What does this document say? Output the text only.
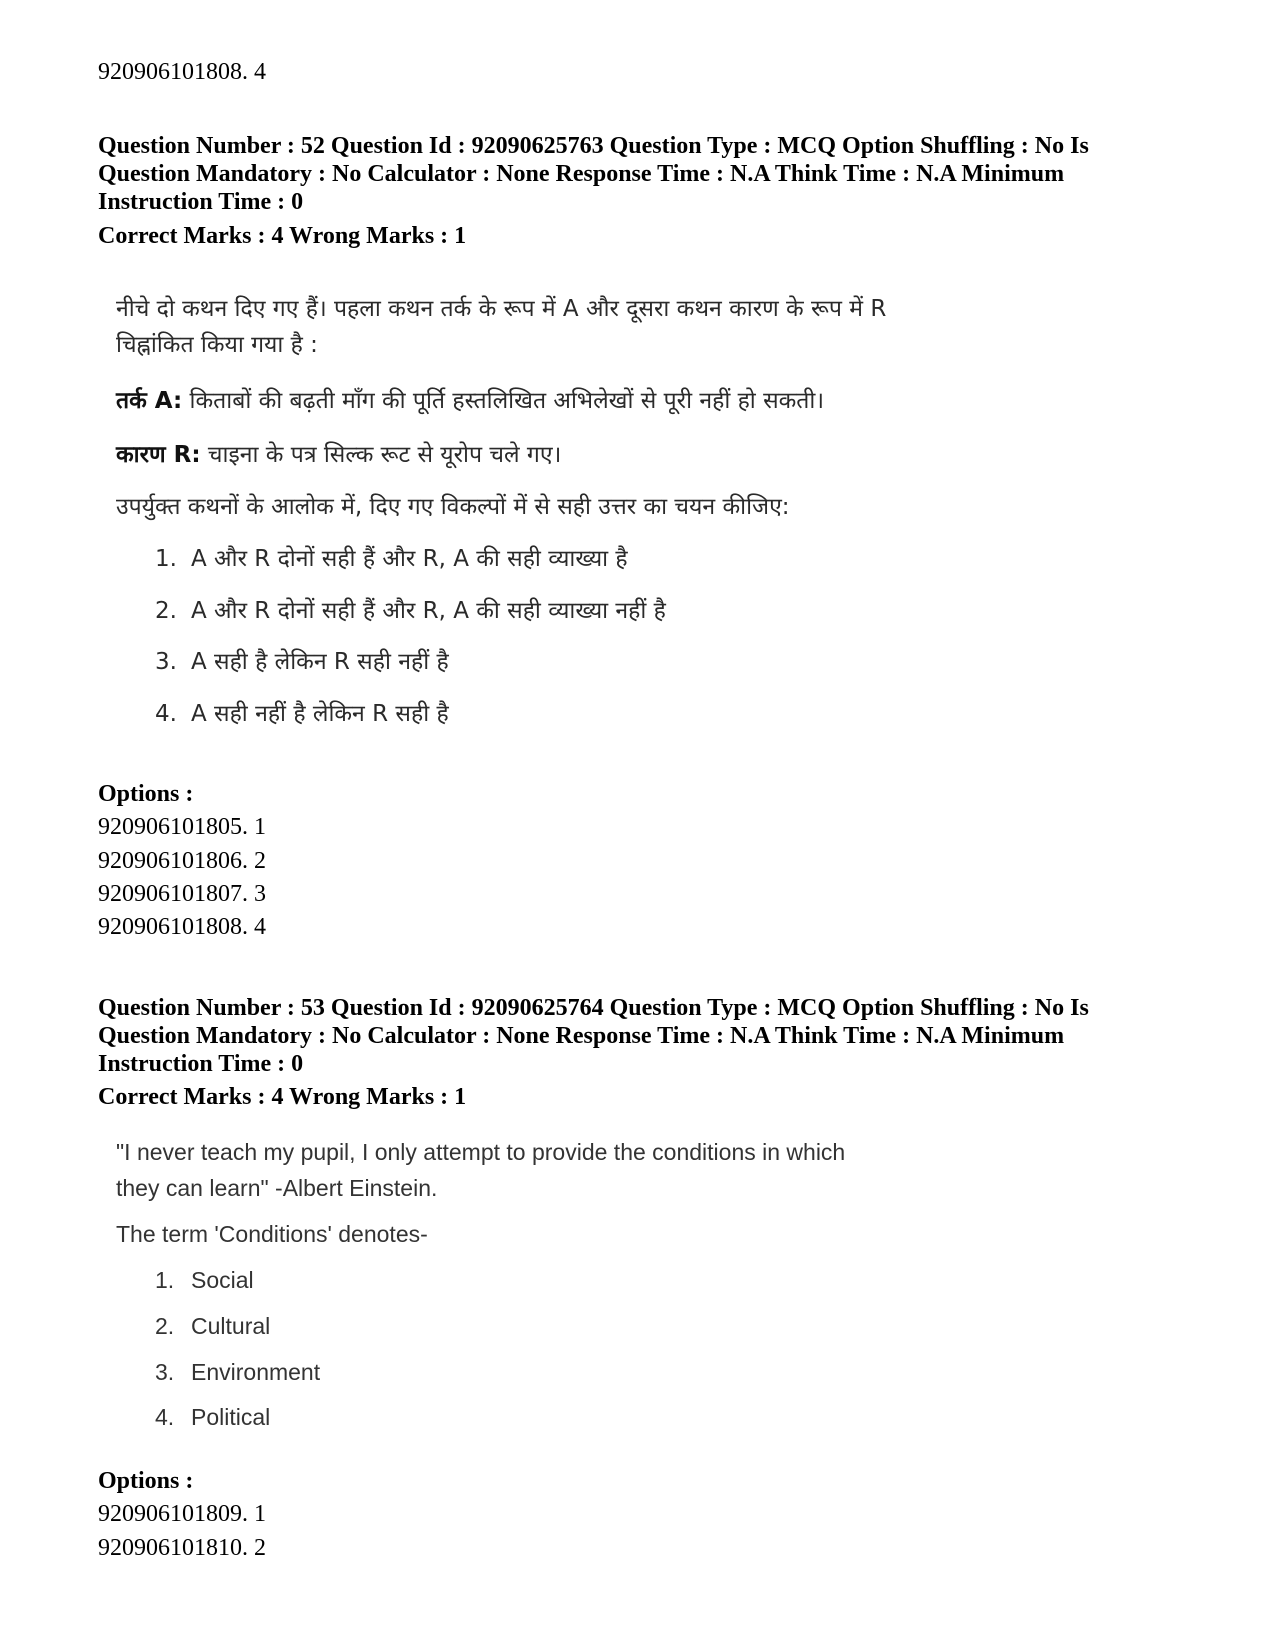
920906101808. 4
Question Number : 52 Question Id : 92090625763 Question Type : MCQ Option Shuffling : No Is
Question Mandatory : No Calculator : None Response Time : N.A Think Time : N.A Minimum
Instruction Time : 0
Correct Marks : 4 Wrong Marks : 1
नीचे दो कथन दिए गए हैं। पहला कथन तर्क के रूप में A और दूसरा कथन कारण के रूप में R
चिह्नांकित किया गया है :
तर्क A: किताबों की बढ़ती माँग की पूर्ति हस्तलिखित अभिलेखों से पूरी नहीं हो सकती।
कारण R: चाइना के पत्र सिल्क रूट से यूरोप चले गए।
उपर्युक्त कथनों के आलोक में, दिए गए विकल्पों में से सही उत्तर का चयन कीजिए:
1. A और R दोनों सही हैं और R, A की सही व्याख्या है
2. A और R दोनों सही हैं और R, A की सही व्याख्या नहीं है
3. A सही है लेकिन R सही नहीं है
4. A सही नहीं है लेकिन R सही है
Options :
920906101805. 1
920906101806. 2
920906101807. 3
920906101808. 4
Question Number : 53 Question Id : 92090625764 Question Type : MCQ Option Shuffling : No Is
Question Mandatory : No Calculator : None Response Time : N.A Think Time : N.A Minimum
Instruction Time : 0
Correct Marks : 4 Wrong Marks : 1
"I never teach my pupil, I only attempt to provide the conditions in which
they can learn" -Albert Einstein.
The term 'Conditions' denotes-
1. Social
2. Cultural
3. Environment
4. Political
Options :
920906101809. 1
920906101810. 2
